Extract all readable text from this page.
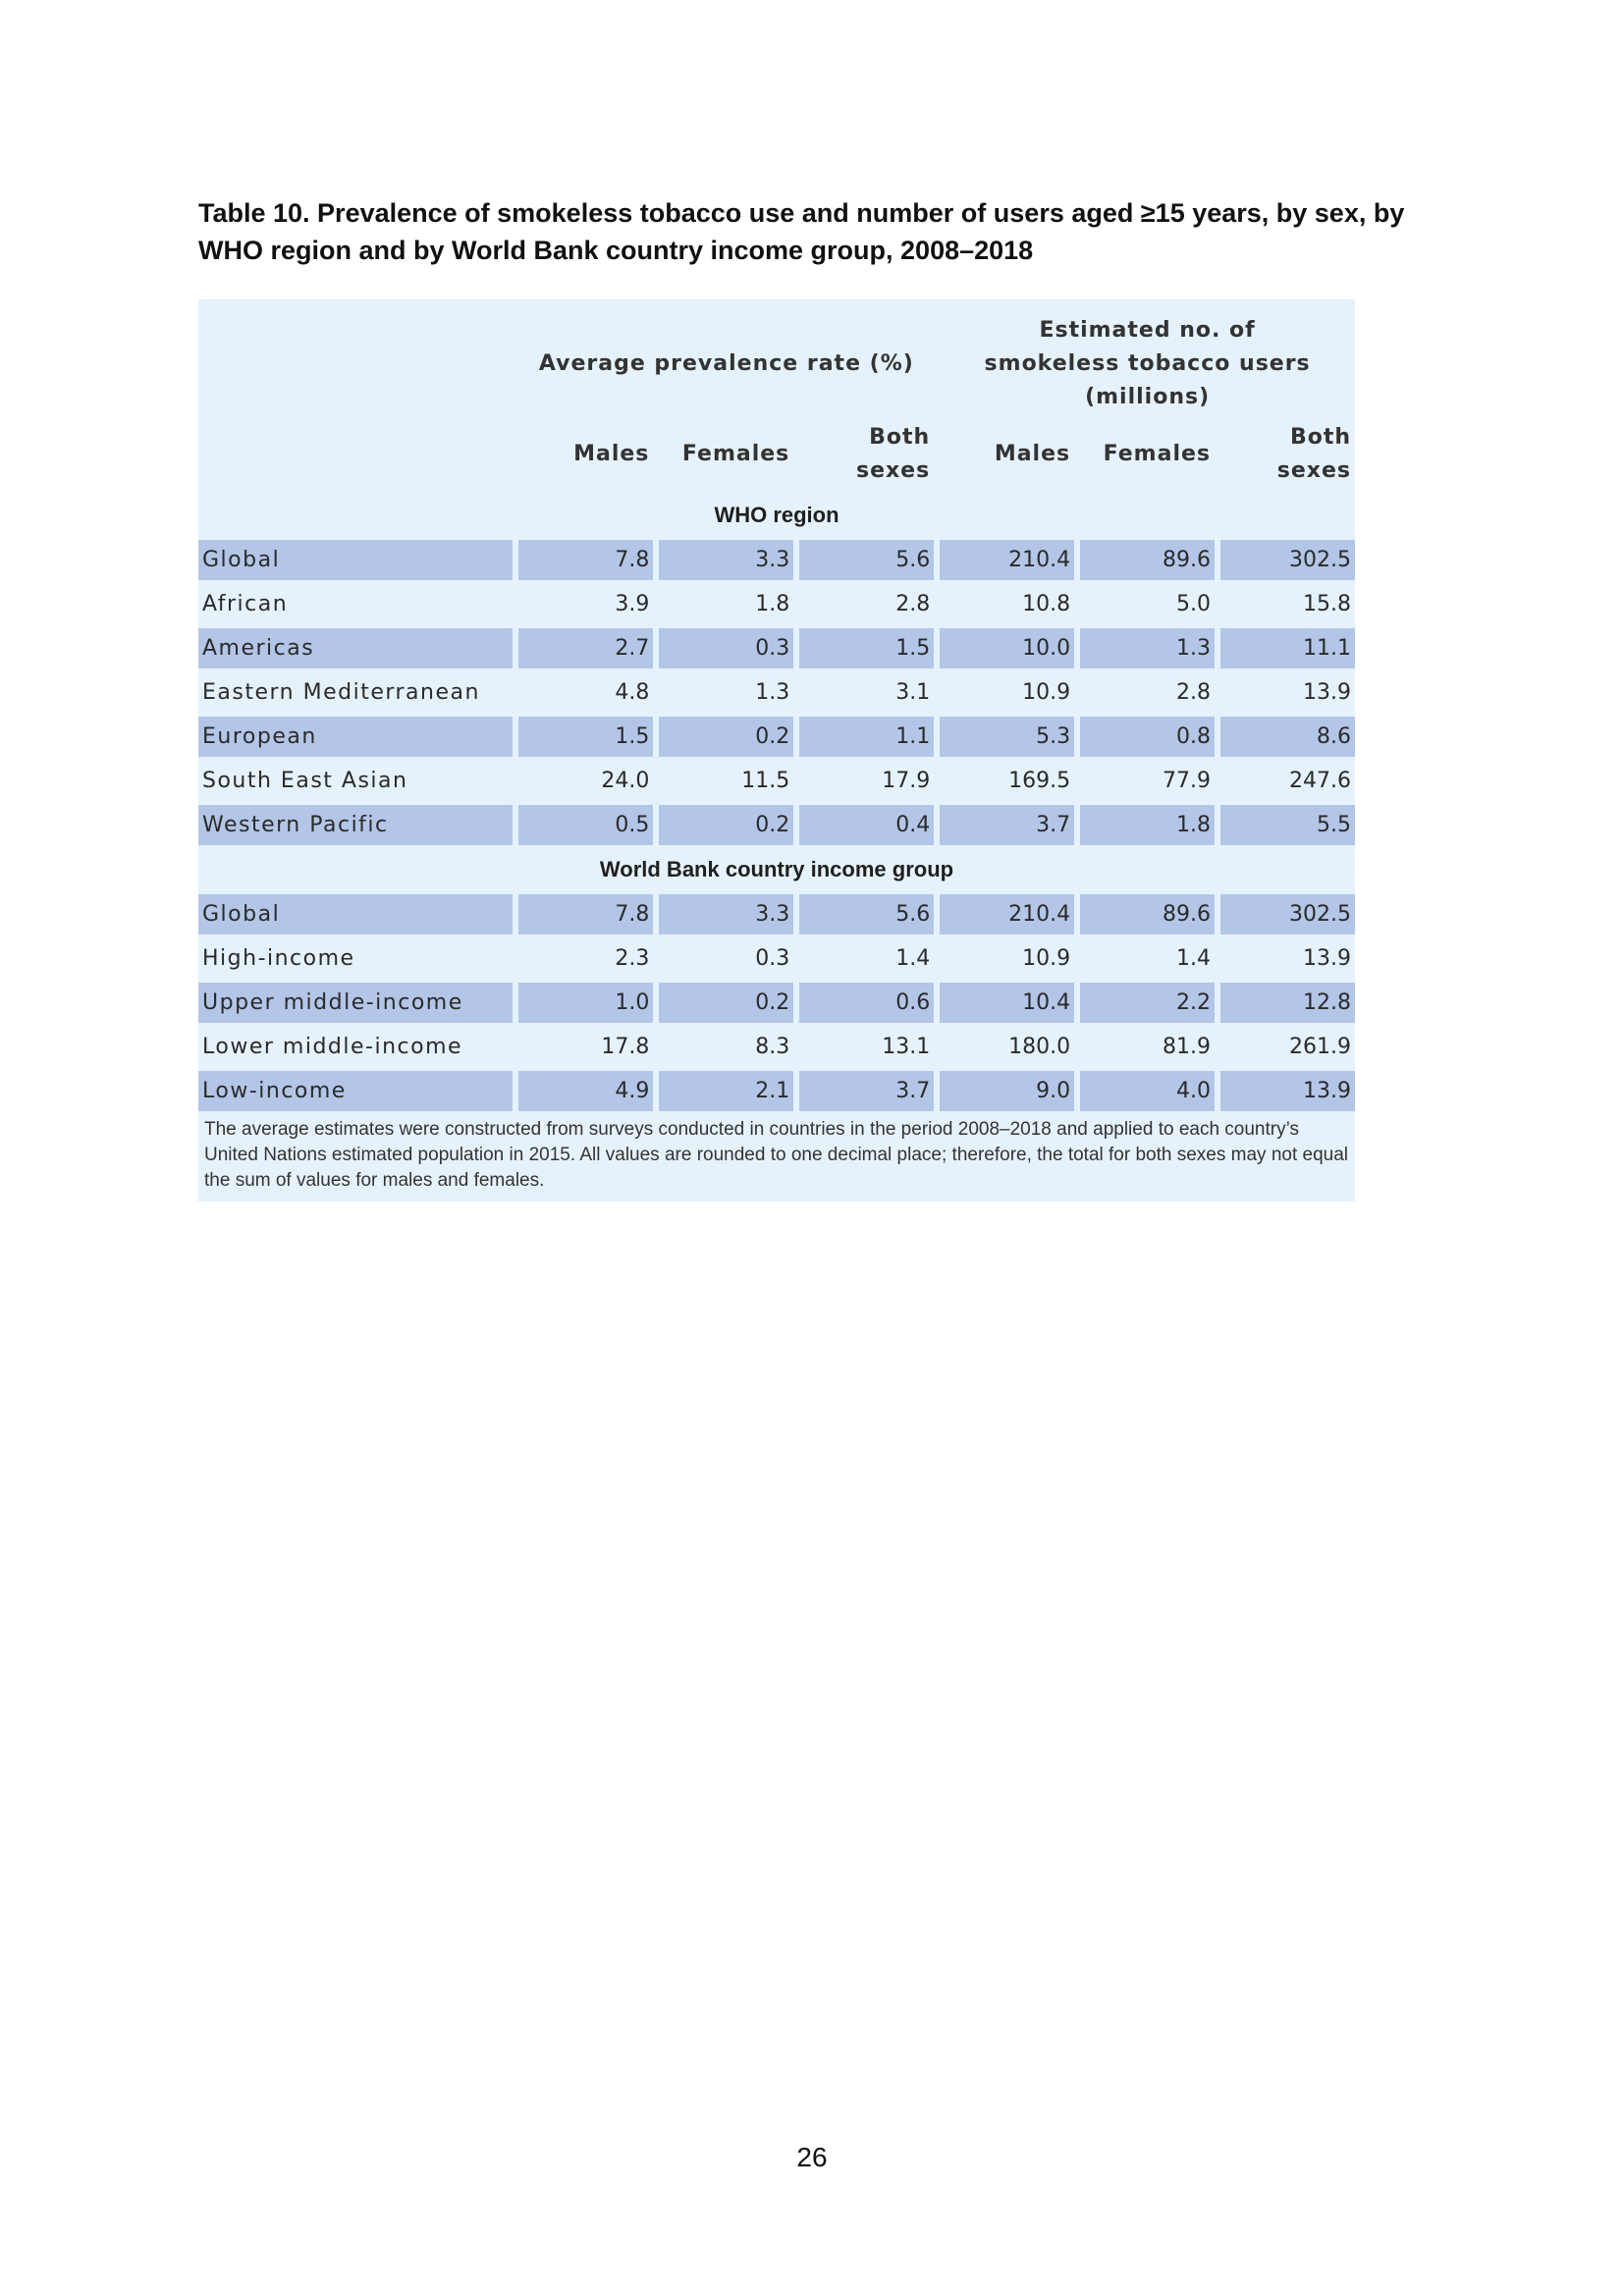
Table 10. Prevalence of smokeless tobacco use and number of users aged ≥15 years, by sex, by WHO region and by World Bank country income group, 2008–2018
	Average prevalence rate (%)			Estimated no. of smokeless tobacco users (millions)		
	Males	Females	Both sexes	Males	Females	Both sexes
WHO region						
Global	7.8	3.3	5.6	210.4	89.6	302.5
African	3.9	1.8	2.8	10.8	5.0	15.8
Americas	2.7	0.3	1.5	10.0	1.3	11.1
Eastern Mediterranean	4.8	1.3	3.1	10.9	2.8	13.9
European	1.5	0.2	1.1	5.3	0.8	8.6
South East Asian	24.0	11.5	17.9	169.5	77.9	247.6
Western Pacific	0.5	0.2	0.4	3.7	1.8	5.5
World Bank country income group						
Global	7.8	3.3	5.6	210.4	89.6	302.5
High-income	2.3	0.3	1.4	10.9	1.4	13.9
Upper middle-income	1.0	0.2	0.6	10.4	2.2	12.8
Lower middle-income	17.8	8.3	13.1	180.0	81.9	261.9
Low-income	4.9	2.1	3.7	9.0	4.0	13.9
The average estimates were constructed from surveys conducted in countries in the period 2008–2018 and applied to each country’s United Nations estimated population in 2015. All values are rounded to one decimal place; therefore, the total for both sexes may not equal the sum of values for males and females.
26
